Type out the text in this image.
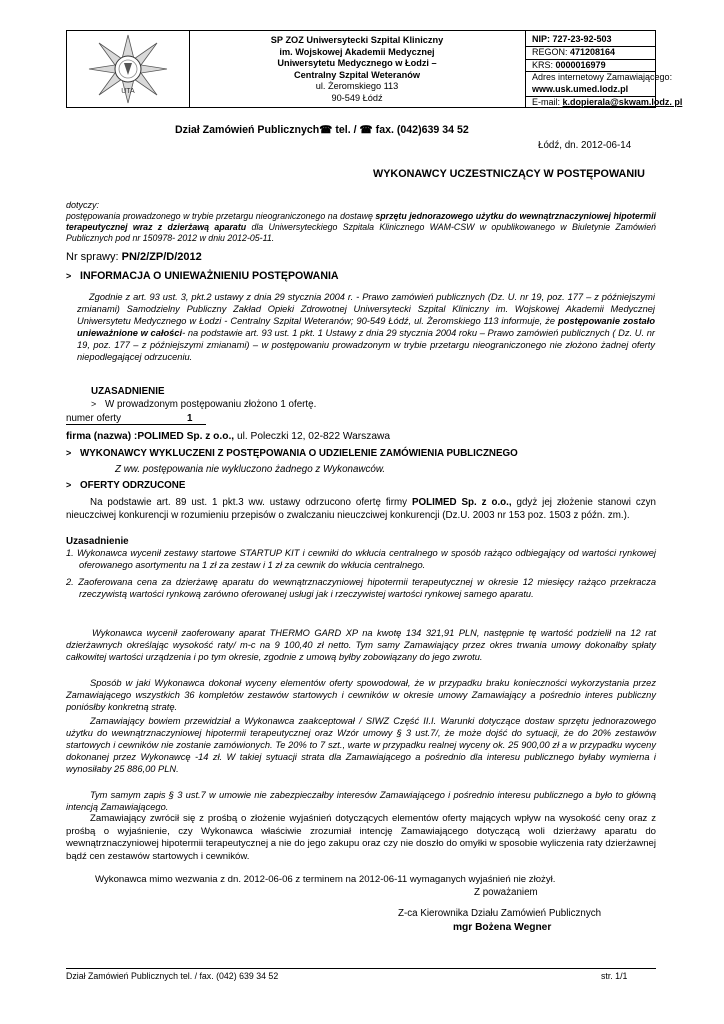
UTA
SP ZOZ Uniwersytecki Szpital Kliniczny
im. Wojskowej Akademii Medycznej
Uniwersytetu Medycznego w Łodzi –
Centralny Szpital Weteranów
ul. Żeromskiego 113
90-549 Łódź
NIP: 727-23-92-503
REGON: 471208164
KRS: 0000016979
Adres internetowy Zamawiającego:
www.usk.umed.lodz.pl
E-mail: k.dopierala@skwam.lodz. pl
Dział Zamówień Publicznych☎ tel. / ☎ fax. (042)639 34 52
Łódź, dn. 2012-06-14
WYKONAWCY UCZESTNICZĄCY W POSTĘPOWANIU
dotyczy:
postępowania prowadzonego w trybie przetargu nieograniczonego na dostawę sprzętu jednorazowego użytku do wewnątrznaczyniowej hipotermii terapeutycznej wraz z dzierżawą aparatu dla Uniwersyteckiego Szpitala Klinicznego WAM-CSW w opublikowanego w Biuletynie Zamówień Publicznych pod nr 150978- 2012 w dniu 2012-05-11.
Nr sprawy: PN/2/ZP/D/2012
> INFORMACJA O UNIEWAŻNIENIU POSTĘPOWANIA
Zgodnie z art. 93 ust. 3, pkt.2 ustawy z dnia 29 stycznia 2004 r. - Prawo zamówień publicznych (Dz. U. nr 19, poz. 177 – z późniejszymi zmianami) Samodzielny Publiczny Zakład Opieki Zdrowotnej Uniwersytecki Szpital Kliniczny im. Wojskowej Akademii Medycznej Uniwersytetu Medycznego w Łodzi - Centralny Szpital Weteranów; 90-549 Łódź, ul. Żeromskiego 113 informuje, że postępowanie zostało unieważnione w całości- na podstawie art. 93 ust. 1 pkt. 1 Ustawy z dnia 29 stycznia 2004 roku – Prawo zamówień publicznych ( Dz. U. nr 19, poz. 177 – z późniejszymi zmianami) – w postępowaniu prowadzonym w trybie przetargu nieograniczonego nie złożono żadnej oferty niepodlegającej odrzuceniu.
UZASADNIENIE
> W prowadzonym postępowaniu złożono 1 ofertę.
numer oferty	1
firma (nazwa) :POLIMED Sp. z o.o., ul. Poleczki 12, 02-822 Warszawa
> WYKONAWCY WYKLUCZENI Z POSTĘPOWANIA O UDZIELENIE ZAMÓWIENIA PUBLICZNEGO
Z ww. postępowania nie wykluczono żadnego z Wykonawców.
> OFERTY ODRZUCONE
Na podstawie art. 89 ust. 1 pkt.3 ww. ustawy odrzucono ofertę firmy POLIMED Sp. z o.o., gdyż jej złożenie stanowi czyn nieuczciwej konkurencji w rozumieniu przepisów o zwalczaniu nieuczciwej konkurencji (Dz.U. 2003 nr 153 poz. 1503 z późn. zm.).
Uzasadnienie
1. Wykonawca wycenił zestawy startowe STARTUP KIT i cewniki do wkłucia centralnego w sposób rażąco odbiegający od wartości rynkowej oferowanego asortymentu na 1 zł za zestaw i 1 zł za cewnik do wkłucia centralnego.
2. Zaoferowana cena za dzierżawę aparatu do wewnątrznaczyniowej hipotermii terapeutycznej w okresie 12 miesięcy rażąco przekracza rzeczywistą wartości rynkową zarówno oferowanej usługi jak i rzeczywistej wartości rynkowej samego aparatu.
Wykonawca wycenił zaoferowany aparat THERMO GARD XP na kwotę 134 321,91 PLN, następnie tę wartość podzielił na 12 rat dzierżawnych określając wysokość raty/ m-c na 9 100,40 zł netto. Tym samy Zamawiający przez okres trwania umowy dokonałby spłaty całkowitej wartości urządzenia i po tym okresie, zgodnie z umową byłby zobowiązany do jego zwrotu.
Sposób w jaki Wykonawca dokonał wyceny elementów oferty spowodował, że w przypadku braku konieczności wykorzystania przez Zamawiającego wszystkich 36 kompletów zestawów startowych i cewników w okresie umowy Zamawiający a pośrednio interes publiczny poniósłby konkretną stratę.
Zamawiający bowiem przewidział a Wykonawca zaakceptował / SIWZ Część II.I. Warunki dotyczące dostaw sprzętu jednorazowego użytku do wewnątrznaczyniowej hipotermii terapeutycznej oraz Wzór umowy § 3 ust.7/, że może dojść do sytuacji, że do 20% zestawów startowych i cewników nie zostanie zamówionych. Te 20% to 7 szt., warte w przypadku realnej wyceny ok. 25 900,00 zł a w przypadku wyceny dokonanej przez Wykonawcę -14 zł. W takiej sytuacji strata dla Zamawiającego a pośrednio dla interesu publicznego byłaby wymierna i wynosiłaby 25 886,00 PLN.
Tym samym zapis § 3 ust.7 w umowie nie zabezpieczałby interesów Zamawiającego i pośrednio interesu publicznego a było to główną intencją Zamawiającego.
Zamawiający zwrócił się z prośbą o złożenie wyjaśnień dotyczących elementów oferty mających wpływ na wysokość ceny oraz z prośbą o wyjaśnienie, czy Wykonawca właściwie zrozumiał intencję Zamawiającego dotyczącą woli dzierżawy aparatu do wewnątrznaczyniowej hipotermii terapeutycznej a nie do jego zakupu oraz czy nie doszło do omyłki w sposobie wyliczenia raty dzierżawnej bądź cen zestawów startowych i cewników.
Wykonawca mimo wezwania z dn. 2012-06-06 z terminem na 2012-06-11 wymaganych wyjaśnień nie złożył.
Z poważaniem
Z-ca Kierownika Działu Zamówień Publicznych
mgr Bożena Wegner
Dział Zamówień Publicznych tel. / fax. (042) 639 34 52	str. 1/1
